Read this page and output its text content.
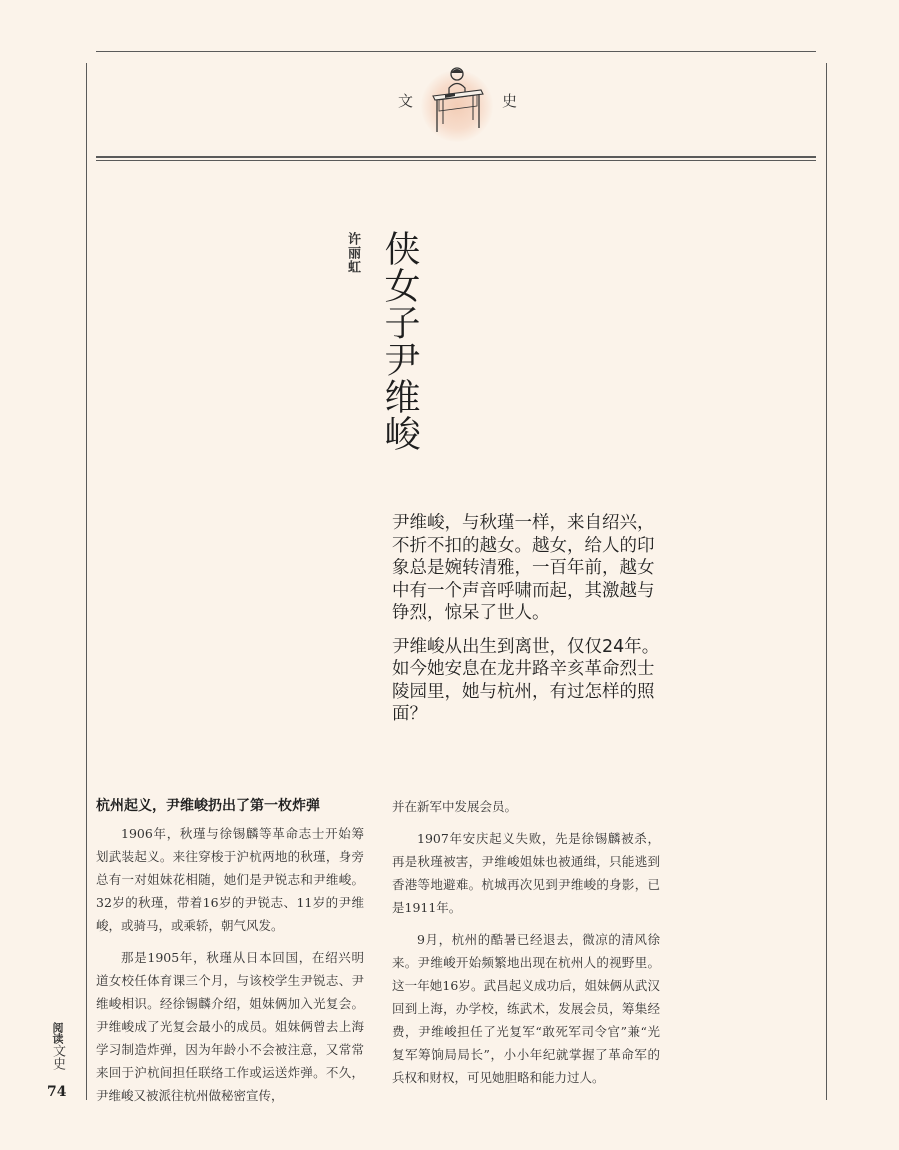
文	史
侠女子尹维峻
许丽虹

尹维峻，与秋瑾一样，来自绍兴，不折不扣的越女。越女，给人的印象总是婉转清雅，一百年前，越女中有一个声音呼啸而起，其激越与铮烈，惊呆了世人。

尹维峻从出生到离世，仅仅24年。如今她安息在龙井路辛亥革命烈士陵园里，她与杭州，有过怎样的照面？

杭州起义，尹维峻扔出了第一枚炸弹

1906年，秋瑾与徐锡麟等革命志士开始筹划武装起义。来往穿梭于沪杭两地的秋瑾，身旁总有一对姐妹花相随，她们是尹锐志和尹维峻。32岁的秋瑾，带着16岁的尹锐志、11岁的尹维峻，或骑马，或乘轿，朝气风发。

那是1905年，秋瑾从日本回国，在绍兴明道女校任体育课三个月，与该校学生尹锐志、尹维峻相识。经徐锡麟介绍，姐妹俩加入光复会。尹维峻成了光复会最小的成员。姐妹俩曾去上海学习制造炸弹，因为年龄小不会被注意，又常常来回于沪杭间担任联络工作或运送炸弹。不久，尹维峻又被派往杭州做秘密宣传，

并在新军中发展会员。

1907年安庆起义失败，先是徐锡麟被杀，再是秋瑾被害，尹维峻姐妹也被通缉，只能逃到香港等地避难。杭城再次见到尹维峻的身影，已是1911年。

9月，杭州的酷暑已经退去，微凉的清风徐来。尹维峻开始频繁地出现在杭州人的视野里。这一年她16岁。武昌起义成功后，姐妹俩从武汉回到上海，办学校，练武术，发展会员，筹集经费，尹维峻担任了光复军“敢死军司令官”兼“光复军筹饷局局长”，小小年纪就掌握了革命军的兵权和财权，可见她胆略和能力过人。

阅读文史
74
